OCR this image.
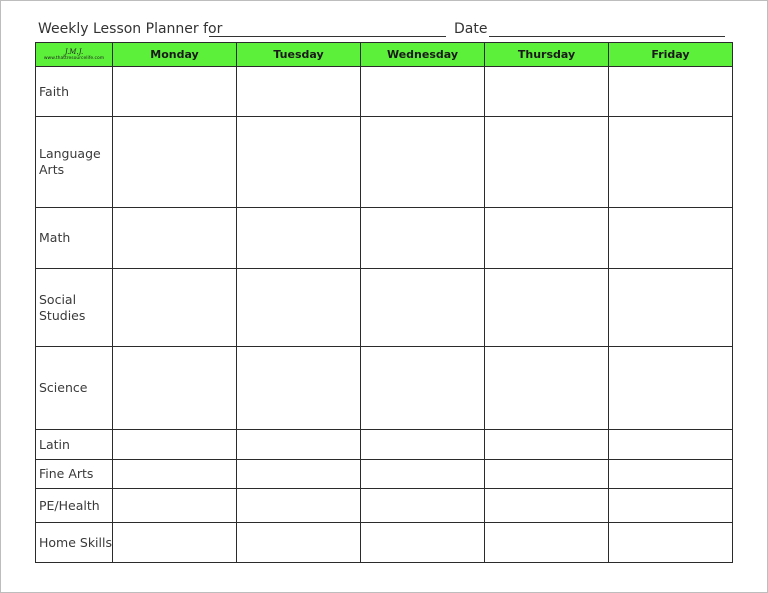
Weekly Lesson Planner for	Date
J.M.J.
www.thattresourcelife.com	Monday	Tuesday	Wednesday	Thursday	Friday

Faith					

Language
Arts					

Math					

Social
Studies					

Science					

Latin					

Fine Arts					

PE/Health					

Home Skills					
